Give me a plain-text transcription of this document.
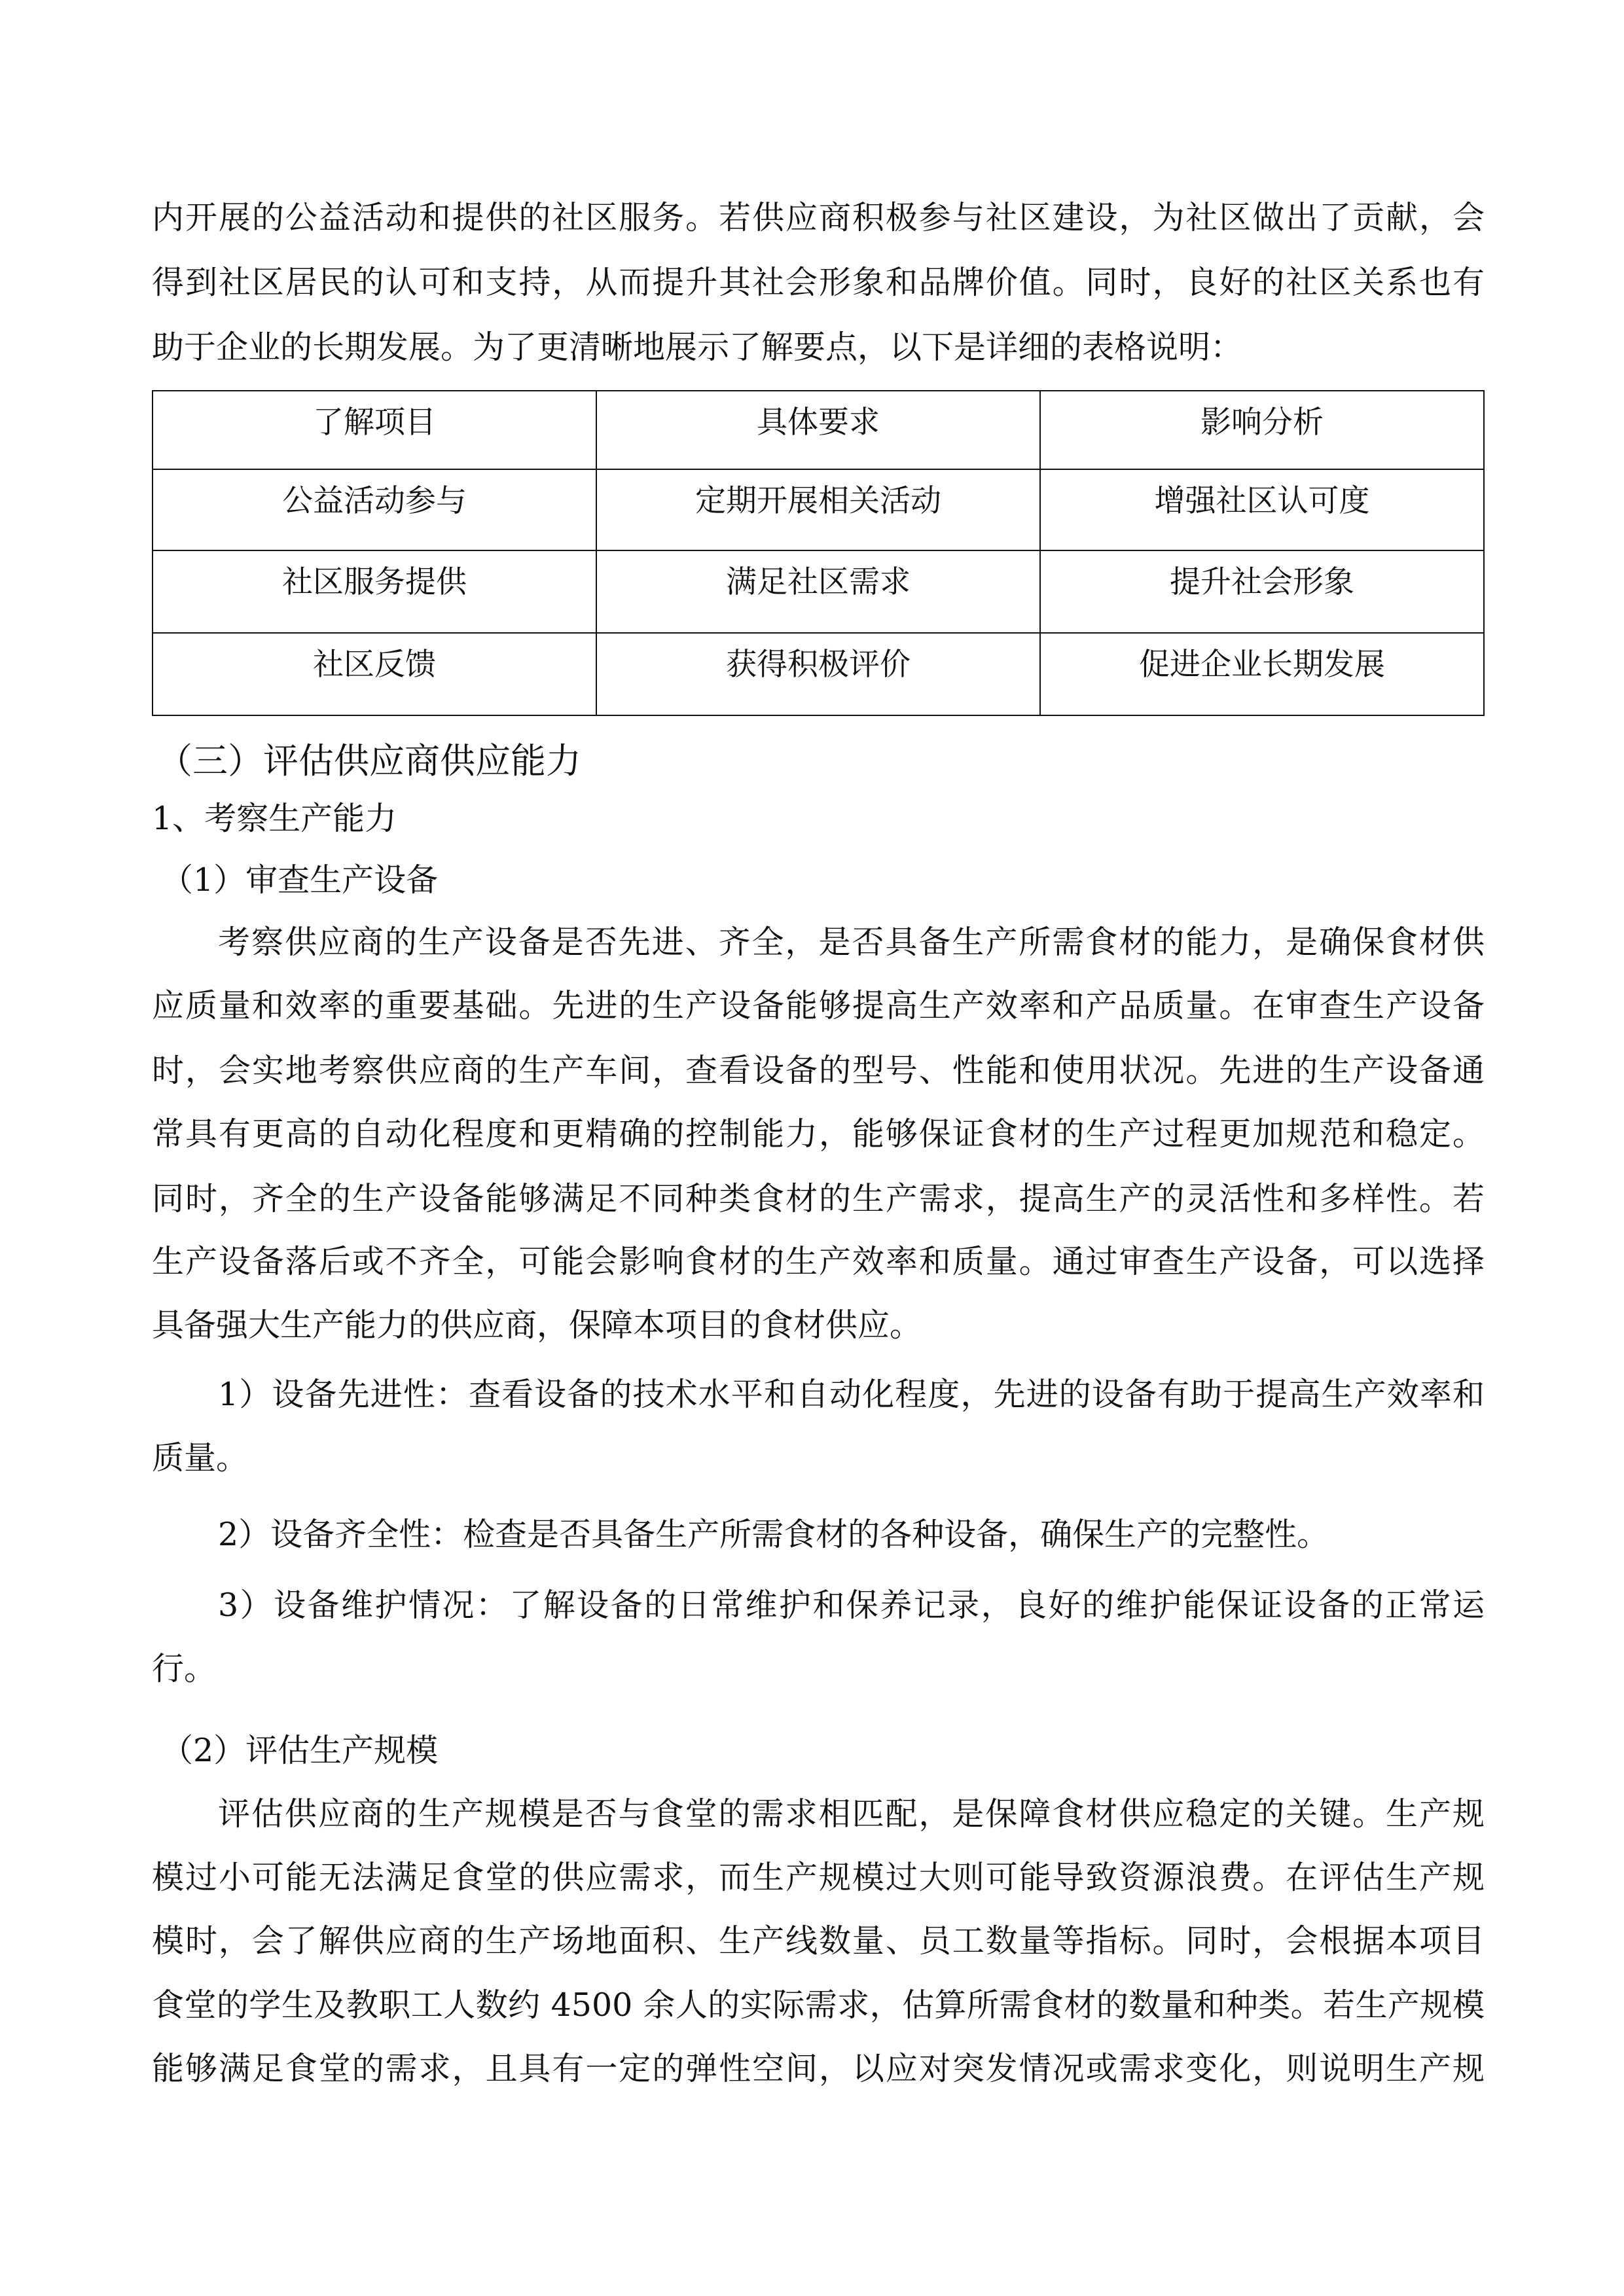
内开展的公益活动和提供的社区服务。若供应商积极参与社区建设，为社区做出了贡献，会
得到社区居民的认可和支持，从而提升其社会形象和品牌价值。同时，良好的社区关系也有
助于企业的长期发展。为了更清晰地展示了解要点，以下是详细的表格说明：
了解项目	具体要求	影响分析
公益活动参与	定期开展相关活动	增强社区认可度
社区服务提供	满足社区需求	提升社会形象
社区反馈	获得积极评价	促进企业长期发展
（三）评估供应商供应能力
1、考察生产能力
（1）审查生产设备
考察供应商的生产设备是否先进、齐全，是否具备生产所需食材的能力，是确保食材供
应质量和效率的重要基础。先进的生产设备能够提高生产效率和产品质量。在审查生产设备
时，会实地考察供应商的生产车间，查看设备的型号、性能和使用状况。先进的生产设备通
常具有更高的自动化程度和更精确的控制能力，能够保证食材的生产过程更加规范和稳定。
同时，齐全的生产设备能够满足不同种类食材的生产需求，提高生产的灵活性和多样性。若
生产设备落后或不齐全，可能会影响食材的生产效率和质量。通过审查生产设备，可以选择
具备强大生产能力的供应商，保障本项目的食材供应。
1）设备先进性：查看设备的技术水平和自动化程度，先进的设备有助于提高生产效率和
质量。
2）设备齐全性：检查是否具备生产所需食材的各种设备，确保生产的完整性。
3）设备维护情况：了解设备的日常维护和保养记录，良好的维护能保证设备的正常运
行。
（2）评估生产规模
评估供应商的生产规模是否与食堂的需求相匹配，是保障食材供应稳定的关键。生产规
模过小可能无法满足食堂的供应需求，而生产规模过大则可能导致资源浪费。在评估生产规
模时，会了解供应商的生产场地面积、生产线数量、员工数量等指标。同时，会根据本项目
食堂的学生及教职工人数约 4500 余人的实际需求，估算所需食材的数量和种类。若生产规模
能够满足食堂的需求，且具有一定的弹性空间，以应对突发情况或需求变化，则说明生产规
